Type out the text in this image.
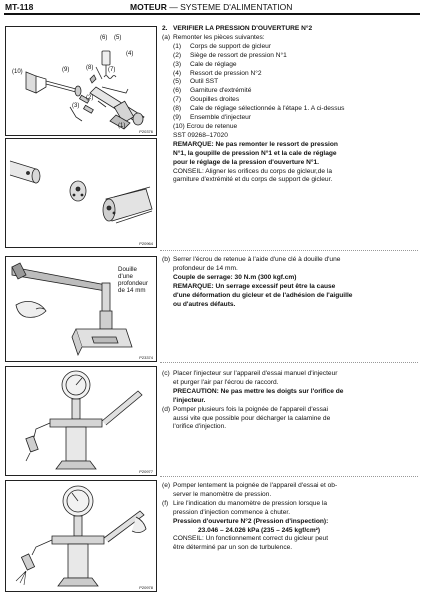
MT-118	MOTEUR — SYSTEME D'ALIMENTATION
(6) (5)
(4)
(7)
(8)
(9)
(10)
(3)
(2)
(1)
P20376
P20964
Douille
d'une
profondeur
de 14 mm
P23374
P20977
P20978
2. VERIFIER LA PRESSION D'OUVERTURE N°2
(a) Remonter les pièces suivantes:
(1) Corps de support de gicleur
(2) Siège de ressort de pression N°1
(3) Cale de réglage
(4) Ressort de pression N°2
(5) Outil SST
(6) Garniture d'extrémité
(7) Goupilles droites
(8) Cale de réglage sélectionnée à l'étape 1. A ci-dessus
(9) Ensemble d'injecteur
(10) Ecrou de retenue
SST 09268–17020
REMARQUE: Ne pas remonter le ressort de pression
N°1, la goupille de pression N°1 et la cale de réglage
pour le réglage de la pression d'ouverture N°1.
CONSEIL: Aligner les orifices du corps de gicleur,de la
garniture d'extrémité et du corps de support de gicleur.
(b) Serrer l'écrou de retenue à l'aide d'une clé à douille d'une
profondeur de 14 mm.
Couple de serrage: 30 N.m (300 kgf.cm)
REMARQUE: Un serrage excessif peut être la cause
d'une déformation du gicleur et de l'adhésion de l'aiguille
ou d'autres défauts.
(c) Placer l'injecteur sur l'appareil d'essai manuel d'injecteur
et purger l'air par l'écrou de raccord.
PRECAUTION: Ne pas mettre les doigts sur l'orifice de
l'injecteur.
(d) Pomper plusieurs fois la poignée de l'appareil d'essai
aussi vite que possible pour décharger la calamine de
l'orifice d'injection.
(e) Pomper lentement la poignée de l'appareil d'essai et ob-
server le manomètre de pression.
(f) Lire l'indication du manomètre de pression lorsque la
pression d'injection commence à chuter.
Pression d'ouverture N°2 (Pression d'inspection):
23.046 – 24.026 kPa (235 – 245 kgf/cm²)
CONSEIL: Un fonctionnement correct du gicleur peut
être déterminé par un son de turbulence.
